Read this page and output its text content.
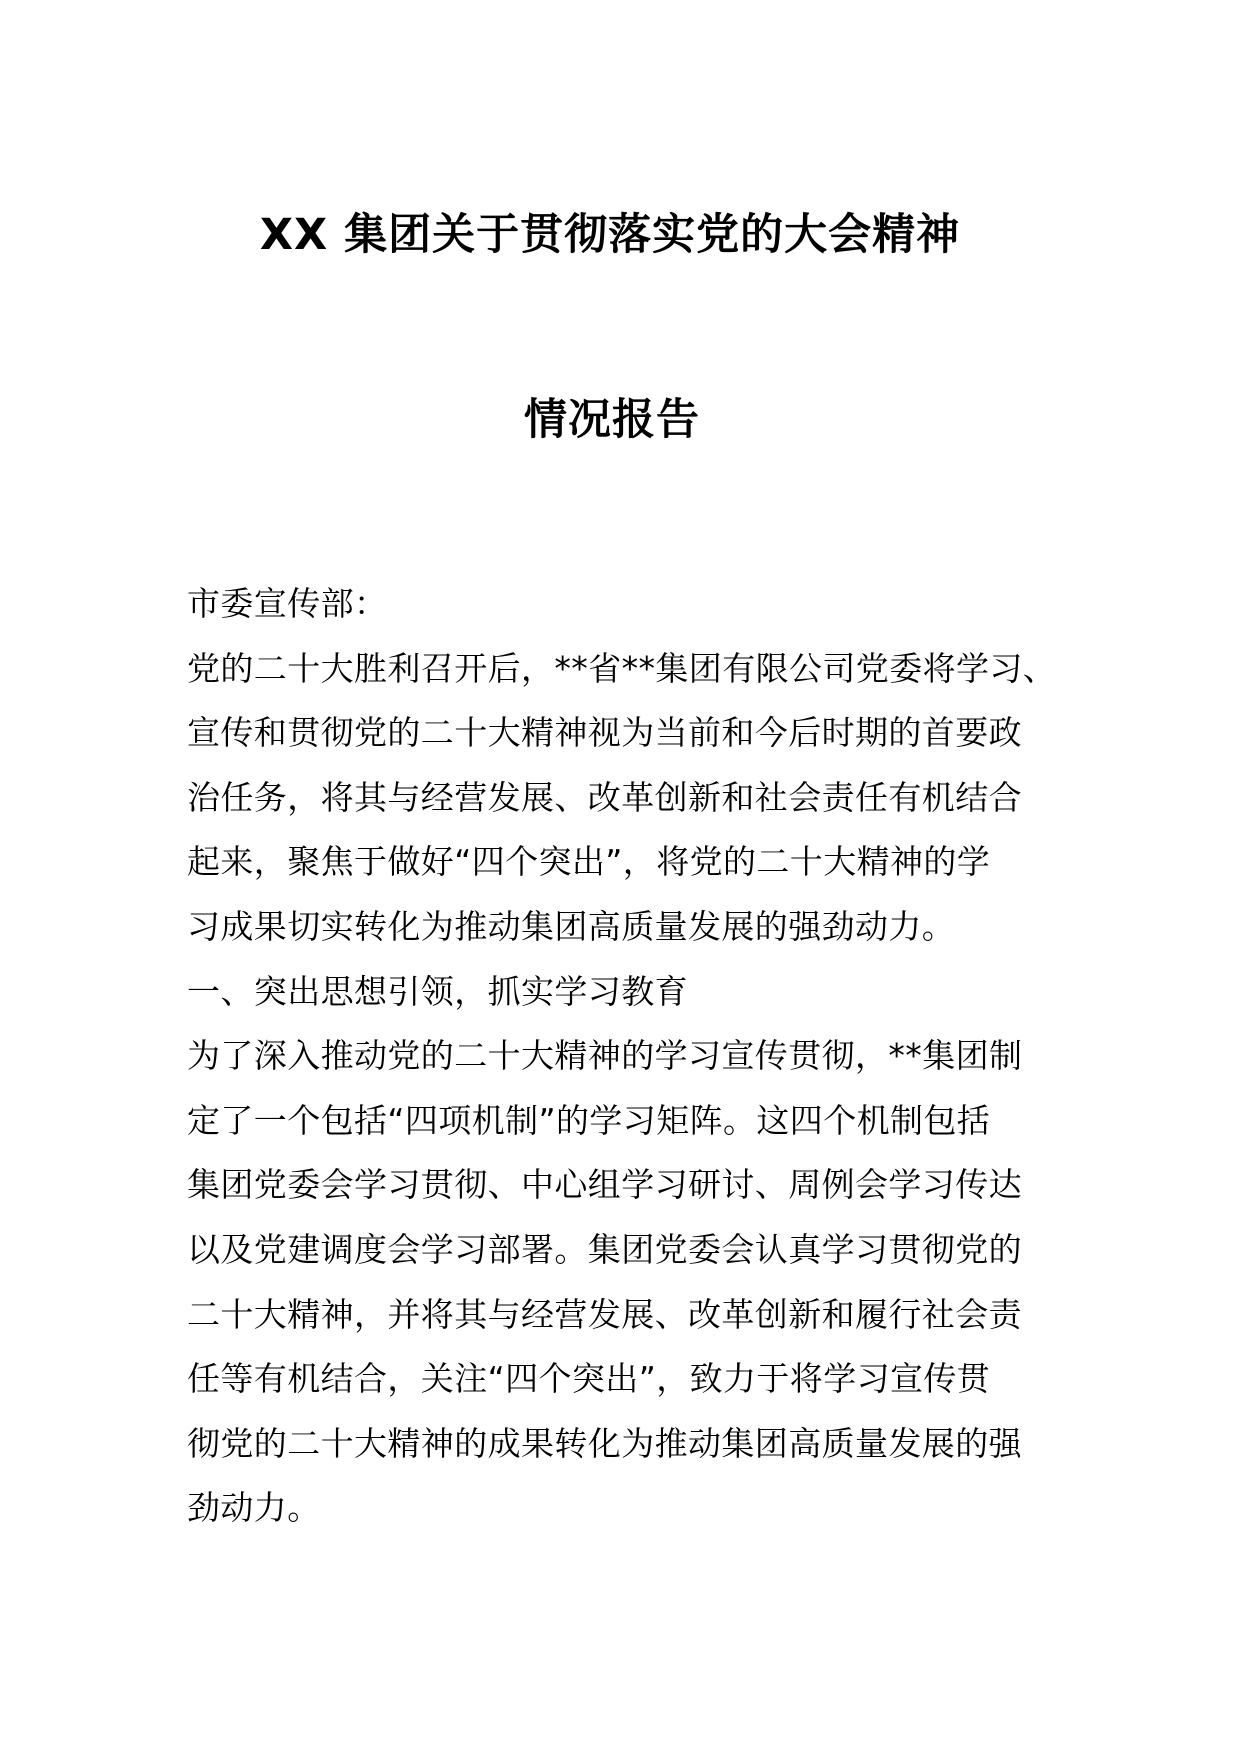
XX 集团关于贯彻落实党的大会精神
情况报告
市委宣传部：
党的二十大胜利召开后，**省**集团有限公司党委将学习、
宣传和贯彻党的二十大精神视为当前和今后时期的首要政
治任务，将其与经营发展、改革创新和社会责任有机结合
起来，聚焦于做好“四个突出”，将党的二十大精神的学
习成果切实转化为推动集团高质量发展的强劲动力。
一、突出思想引领，抓实学习教育
为了深入推动党的二十大精神的学习宣传贯彻，**集团制
定了一个包括“四项机制”的学习矩阵。这四个机制包括
集团党委会学习贯彻、中心组学习研讨、周例会学习传达
以及党建调度会学习部署。集团党委会认真学习贯彻党的
二十大精神，并将其与经营发展、改革创新和履行社会责
任等有机结合，关注“四个突出”，致力于将学习宣传贯
彻党的二十大精神的成果转化为推动集团高质量发展的强
劲动力。
